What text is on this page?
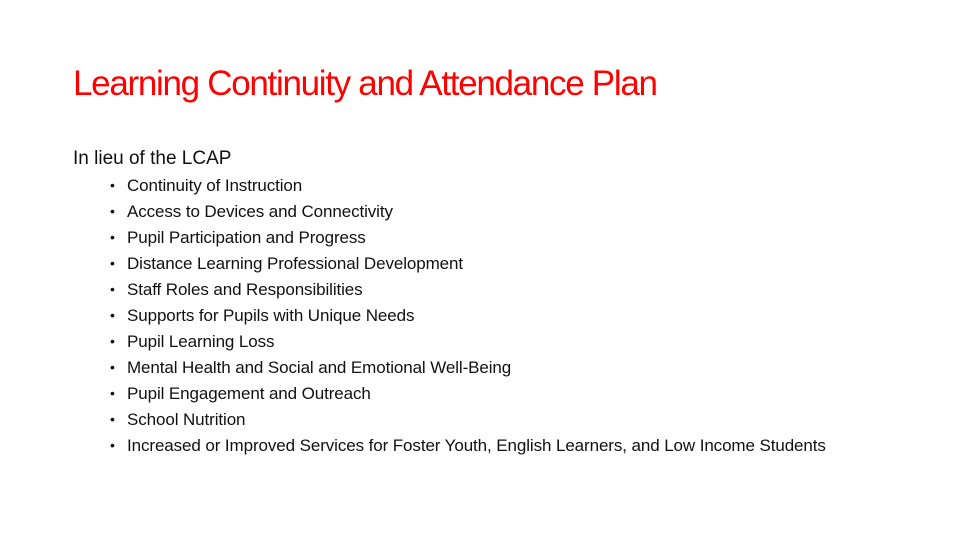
Learning Continuity and Attendance Plan

In lieu of the LCAP

• Continuity of Instruction
• Access to Devices and Connectivity
• Pupil Participation and Progress
• Distance Learning Professional Development
• Staff Roles and Responsibilities
• Supports for Pupils with Unique Needs
• Pupil Learning Loss
• Mental Health and Social and Emotional Well-Being
• Pupil Engagement and Outreach
• School Nutrition
• Increased or Improved Services for Foster Youth, English Learners, and Low Income Students
